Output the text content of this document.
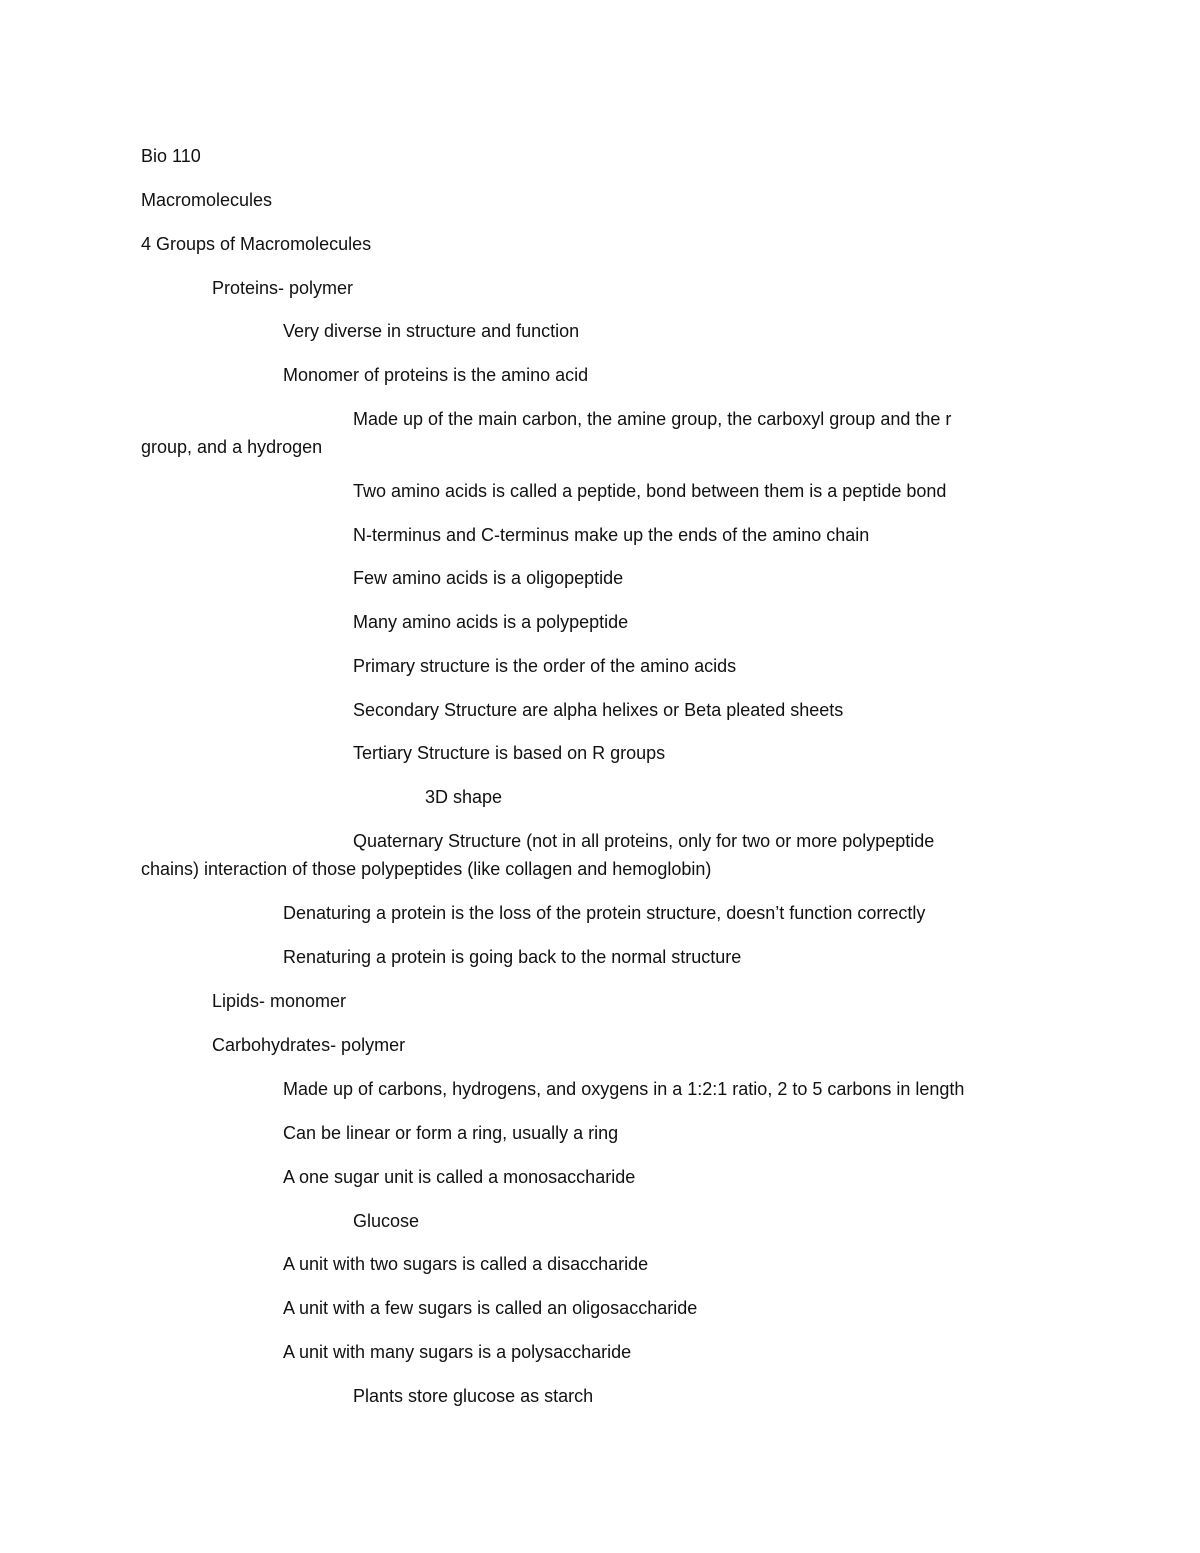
Bio 110
Macromolecules
4 Groups of Macromolecules
Proteins- polymer
Very diverse in structure and function
Monomer of proteins is the amino acid
Made up of the main carbon, the amine group, the carboxyl group and the r
group, and a hydrogen
Two amino acids is called a peptide, bond between them is a peptide bond
N-terminus and C-terminus make up the ends of the amino chain
Few amino acids is a oligopeptide
Many amino acids is a polypeptide
Primary structure is the order of the amino acids
Secondary Structure are alpha helixes or Beta pleated sheets
Tertiary Structure is based on R groups
3D shape
Quaternary Structure (not in all proteins, only for two or more polypeptide
chains) interaction of those polypeptides (like collagen and hemoglobin)
Denaturing a protein is the loss of the protein structure, doesn’t function correctly
Renaturing a protein is going back to the normal structure
Lipids- monomer
Carbohydrates- polymer
Made up of carbons, hydrogens, and oxygens in a 1:2:1 ratio, 2 to 5 carbons in length
Can be linear or form a ring, usually a ring
A one sugar unit is called a monosaccharide
Glucose
A unit with two sugars is called a disaccharide
A unit with a few sugars is called an oligosaccharide
A unit with many sugars is a polysaccharide
Plants store glucose as starch
